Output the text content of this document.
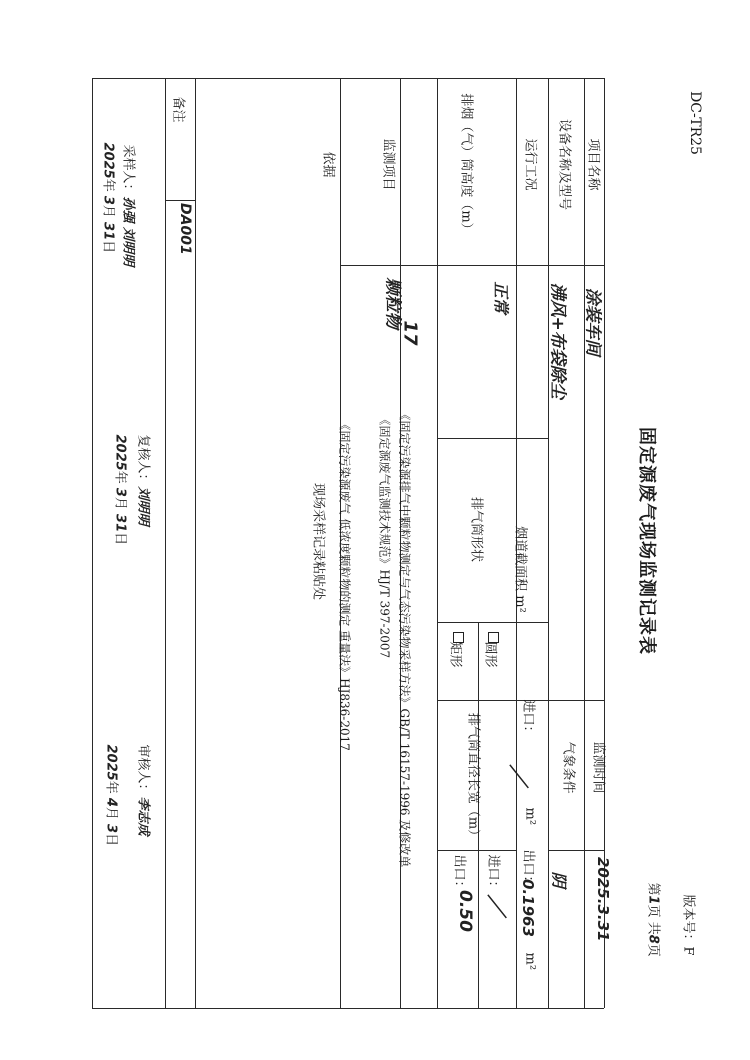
DC-TR25
固定源废气现场监测记录表
版本号：F
第1页 共8页
项目名称
设备名称及型号
运行工况
排烟（气）筒高度（m）
监测项目
依据
备注
涂装车间
沸风+布袋除尘
正常
17
颗粒物
DA001
烟道截面积 m²
排气筒形状
圆形
矩形
进口：
／
m²
出口：
0.1963
m²
排气筒直径长宽（m）
进口：
／
出口：
0.50
监测时间
2025.3.31
气象条件
阴
《固定源废气监测技术规范》HJ/T 397-2007 《固定污染源排气中颗粒物测定与气态污染物采样方法》GB/T 16157-1996 及修改单
《固定污染源废气 低浓度颗粒物的测定 重量法》HJ836-2017
现场采样记录粘贴处
采样人：孙强 刘明明
2025年 3月 31日
复核人：刘明明
2025年 3月 31日
审核人：李志成
2025年 4月 3日
